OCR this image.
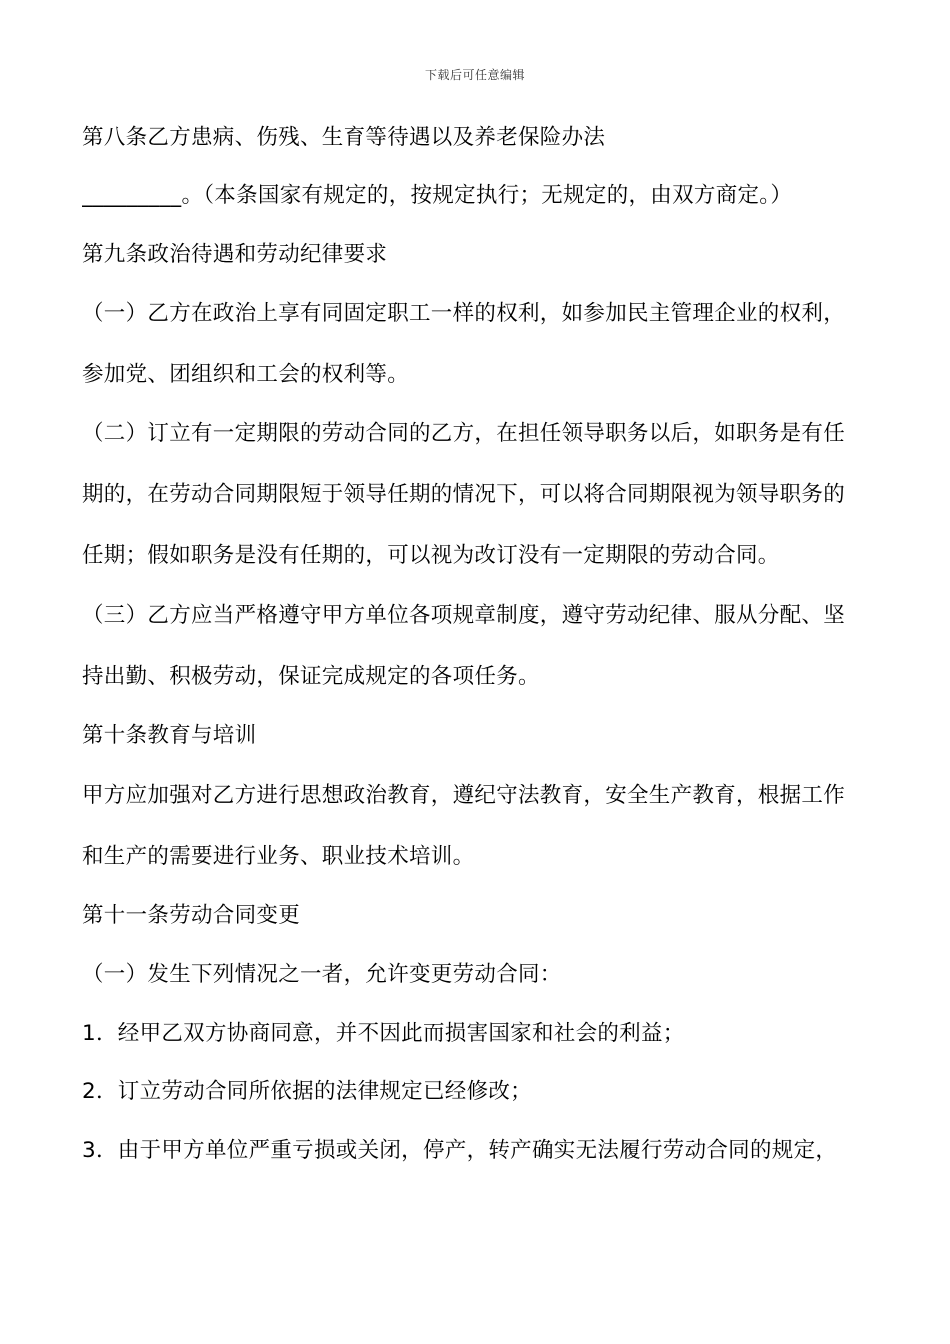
下载后可任意编辑
第八条乙方患病、伤残、生育等待遇以及养老保险办法
_________。（本条国家有规定的，按规定执行；无规定的，由双方商定。）
第九条政治待遇和劳动纪律要求
（一）乙方在政治上享有同固定职工一样的权利，如参加民主管理企业的权利，
参加党、团组织和工会的权利等。
（二）订立有一定期限的劳动合同的乙方，在担任领导职务以后，如职务是有任
期的，在劳动合同期限短于领导任期的情况下，可以将合同期限视为领导职务的
任期；假如职务是没有任期的，可以视为改订没有一定期限的劳动合同。
（三）乙方应当严格遵守甲方单位各项规章制度，遵守劳动纪律、服从分配、坚
持出勤、积极劳动，保证完成规定的各项任务。
第十条教育与培训
甲方应加强对乙方进行思想政治教育，遵纪守法教育，安全生产教育，根据工作
和生产的需要进行业务、职业技术培训。
第十一条劳动合同变更
（一）发生下列情况之一者，允许变更劳动合同：
1．经甲乙双方协商同意，并不因此而损害国家和社会的利益；
2．订立劳动合同所依据的法律规定已经修改；
3．由于甲方单位严重亏损或关闭，停产，转产确实无法履行劳动合同的规定，
